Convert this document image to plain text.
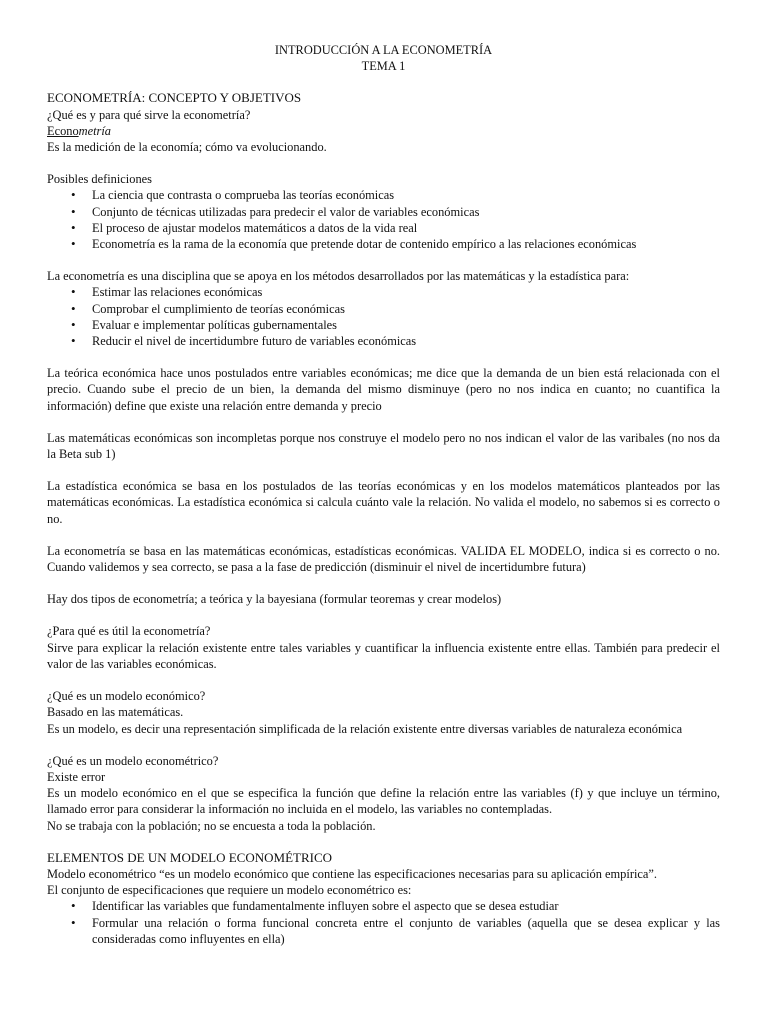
INTRODUCCIÓN A LA ECONOMETRÍA

TEMA 1

ECONOMETRÍA: CONCEPTO Y OBJETIVOS

¿Qué es y para qué sirve la econometría?

Econometría

Es la medición de la economía; cómo va evolucionando.

Posibles definiciones

• La ciencia que contrasta o comprueba las teorías económicas
• Conjunto de técnicas utilizadas para predecir el valor de variables económicas
• El proceso de ajustar modelos matemáticos a datos de la vida real
• Econometría es la rama de la economía que pretende dotar de contenido empírico a las relaciones económicas

La econometría es una disciplina que se apoya en los métodos desarrollados por las matemáticas y la estadística para:

• Estimar las relaciones económicas
• Comprobar el cumplimiento de teorías económicas
• Evaluar e implementar políticas gubernamentales
• Reducir el nivel de incertidumbre futuro de variables económicas

La teórica económica hace unos postulados entre variables económicas; me dice que la demanda de un bien está relacionada con el precio. Cuando sube el precio de un bien, la demanda del mismo disminuye (pero no nos indica en cuanto; no cuantifica la información) define que existe una relación entre demanda y precio

Las matemáticas económicas son incompletas porque nos construye el modelo pero no nos indican el valor de las varibales (no nos da la Beta sub 1)

La estadística económica se basa en los postulados de las teorías económicas y en los modelos matemáticos planteados por las matemáticas económicas. La estadística económica si calcula cuánto vale la relación. No valida el modelo, no sabemos si es correcto o no.

La econometría se basa en las matemáticas económicas, estadísticas económicas. VALIDA EL MODELO, indica si es correcto o no. Cuando validemos y sea correcto, se pasa a la fase de predicción (disminuir el nivel de incertidumbre futura)

Hay dos tipos de econometría; a teórica y la bayesiana (formular teoremas y crear modelos)

¿Para qué es útil la econometría?

Sirve para explicar la relación existente entre tales variables y cuantificar la influencia existente entre ellas. También para predecir el valor de las variables económicas.

¿Qué es un modelo económico?

Basado en las matemáticas.

Es un modelo, es decir una representación simplificada de la relación existente entre diversas variables de naturaleza económica

¿Qué es un modelo econométrico?

Existe error

Es un modelo económico en el que se especifica la función que define la relación entre las variables (f) y que incluye un término, llamado error para considerar la información no incluida en el modelo, las variables no contempladas.

No se trabaja con la población; no se encuesta a toda la población.

ELEMENTOS DE UN MODELO ECONOMÉTRICO

Modelo econométrico “es un modelo económico que contiene las especificaciones necesarias para su aplicación empírica”.

El conjunto de especificaciones que requiere un modelo econométrico es:

• Identificar las variables que fundamentalmente influyen sobre el aspecto que se desea estudiar
• Formular una relación o forma funcional concreta entre el conjunto de variables (aquella que se desea explicar y las consideradas como influyentes en ella)
